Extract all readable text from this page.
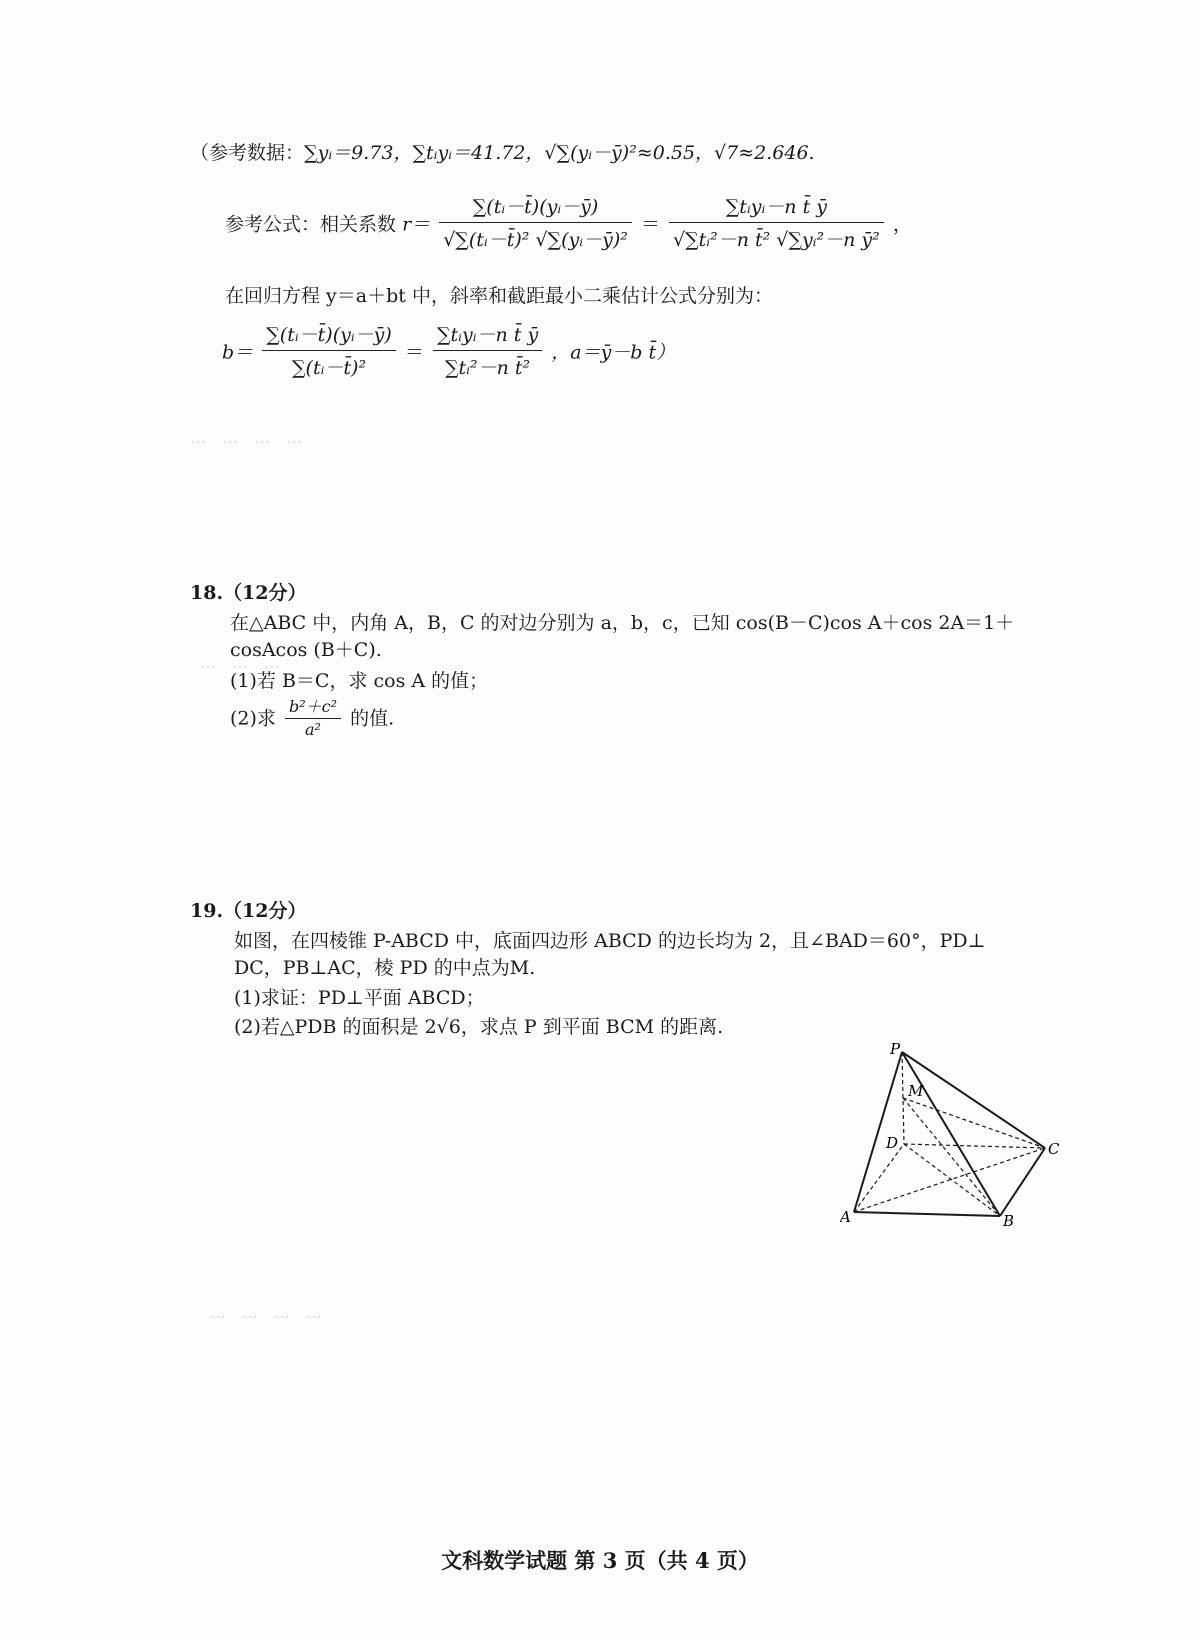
…　…　…　…
…　…　…
…　…　…　…
（参考数据：∑yᵢ＝9.73，∑tᵢyᵢ＝41.72，√∑(yᵢ－ȳ)²≈0.55，√7≈2.646.
参考公式：相关系数 $r= \frac{\text{∑(tᵢ－t̄)(yᵢ－ȳ)}}{\text{√∑(tᵢ－t̄)² √∑(yᵢ－ȳ)²}} = \frac{\text{∑tᵢyᵢ－n t̄ ȳ}}{\text{√∑tᵢ²－n t̄² √∑yᵢ²－n ȳ²}}$ ，
在回归方程 y＝a＋bt 中，斜率和截距最小二乘估计公式分别为：
$b= \frac{\text{∑(tᵢ－t̄)(yᵢ－ȳ)}}{\text{∑(tᵢ－t̄)²}} = \frac{\text{∑tᵢyᵢ－n t̄ ȳ}}{\text{∑tᵢ²－n t̄²}}$ ，a＝ȳ－b t̄）
18.（12分）
在△ABC 中，内角 A，B，C 的对边分别为 a，b，c，已知 cos(B－C)cos A＋cos 2A＝1＋
cosAcos (B＋C).
(1)若 B＝C，求 cos A 的值；
(2)求 $\frac{\text{b²＋c²}}{\text{a²}}$ 的值.
19.（12分）
如图，在四棱锥 P-ABCD 中，底面四边形 ABCD 的边长均为 2，且∠BAD＝60°，PD⊥
DC，PB⊥AC，棱 PD 的中点为M.
(1)求证：PD⊥平面 ABCD；
(2)若△PDB 的面积是 2√6，求点 P 到平面 BCM 的距离.
P
M
D	C
A	B
文科数学试题 第 3 页（共 4 页）
